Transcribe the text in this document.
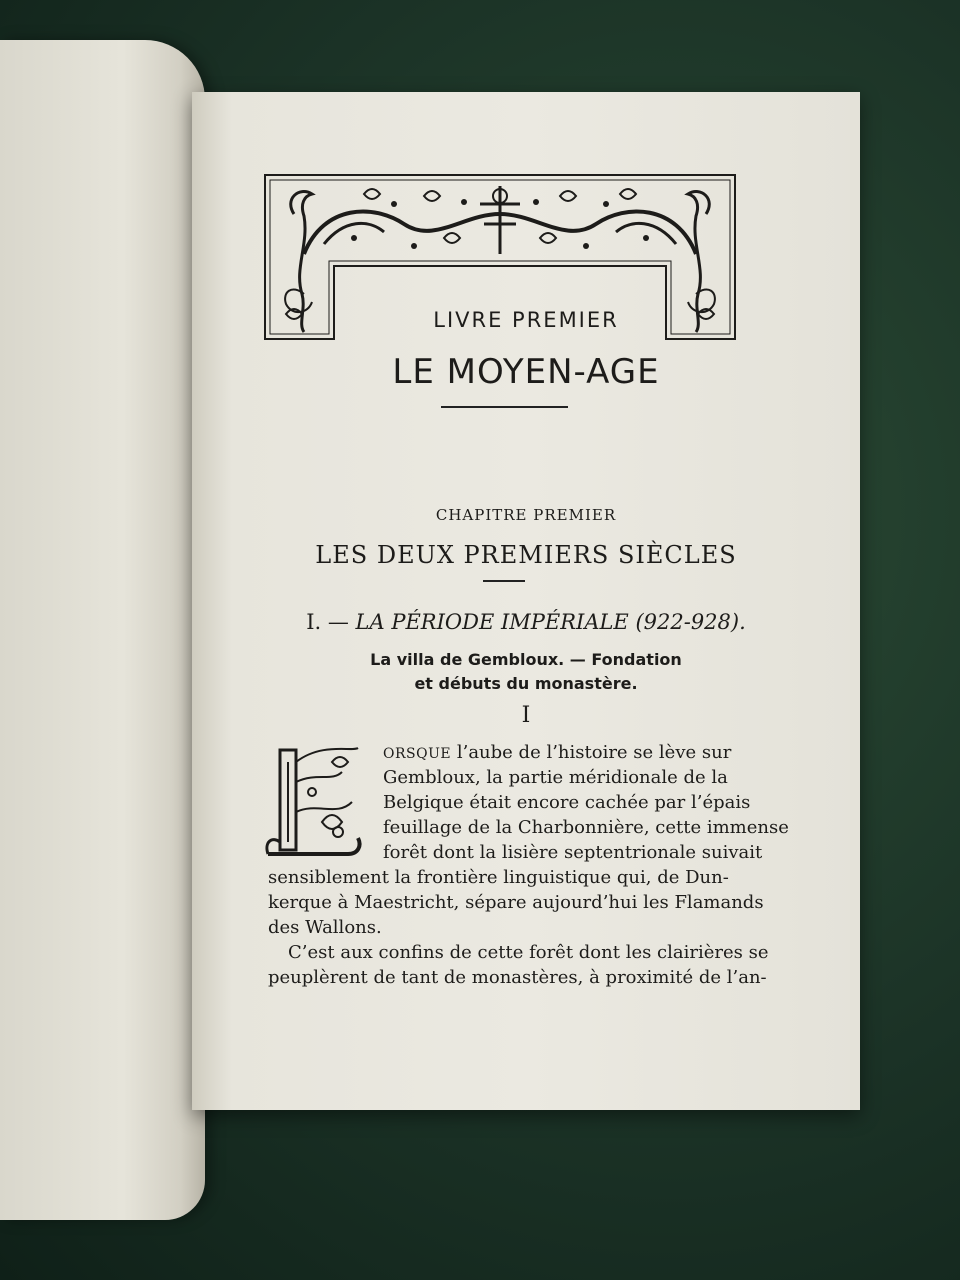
LIVRE PREMIER
LE MOYEN-AGE
CHAPITRE PREMIER
LES DEUX PREMIERS SIÈCLES
I. — LA PÉRIODE IMPÉRIALE (922-928).
La villa de Gembloux. — Fondation
et débuts du monastère.
I
ORSQUE l’aube de l’histoire se lève sur
Gembloux, la partie méridionale de la
Belgique était encore cachée par l’épais
feuillage de la Charbonnière, cette immense
forêt dont la lisière septentrionale suivait
sensiblement la frontière linguistique qui, de Dun-
kerque à Maestricht, sépare aujourd’hui les Flamands
des Wallons.
C’est aux confins de cette forêt dont les clairières se
peuplèrent de tant de monastères, à proximité de l’an-
